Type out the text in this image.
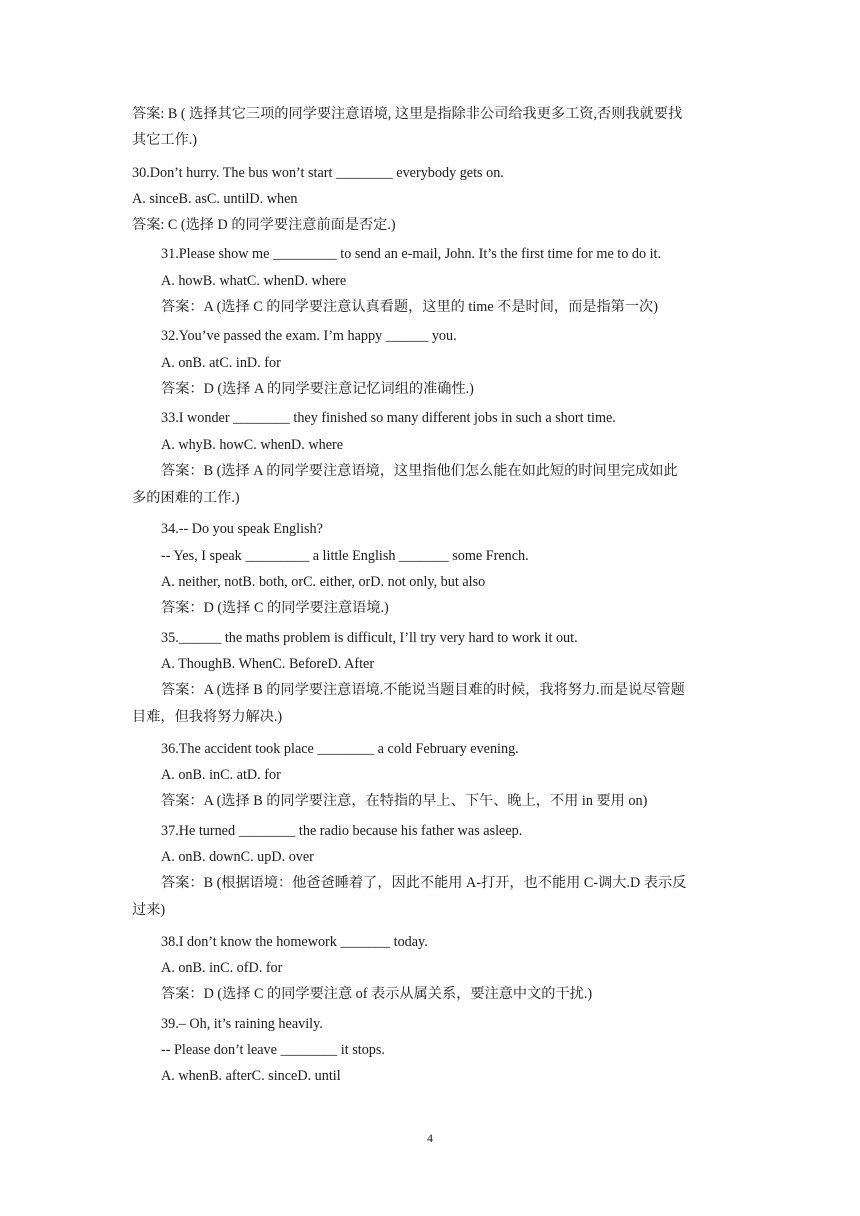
答案: B ( 选择其它三项的同学要注意语境, 这里是指除非公司给我更多工资,否则我就要找
其它工作.)
30.Don’t hurry. The bus won’t start ________ everybody gets on.
A. sinceB. asC. untilD. when
答案: C (选择 D 的同学要注意前面是否定.)
31.Please show me _________ to send an e-mail, John. It’s the first time for me to do it.
A. howB. whatC. whenD. where
答案：A (选择 C 的同学要注意认真看题，这里的 time 不是时间，而是指第一次)
32.You’ve passed the exam. I’m happy ______ you.
A. onB. atC. inD. for
答案：D (选择 A 的同学要注意记忆词组的准确性.)
33.I wonder ________ they finished so many different jobs in such a short time.
A. whyB. howC. whenD. where
答案：B (选择 A 的同学要注意语境，这里指他们怎么能在如此短的时间里完成如此
多的困难的工作.)
34.-- Do you speak English?
-- Yes, I speak _________ a little English _______ some French.
A. neither, notB. both, orC. either, orD. not only, but also
答案：D (选择 C 的同学要注意语境.)
35.______ the maths problem is difficult, I’ll try very hard to work it out.
A. ThoughB. WhenC. BeforeD. After
答案：A (选择 B 的同学要注意语境.不能说当题目难的时候，我将努力.而是说尽管题
目难，但我将努力解决.)
36.The accident took place ________ a cold February evening.
A. onB. inC. atD. for
答案：A (选择 B 的同学要注意，在特指的早上、下午、晚上，不用 in 要用 on)
37.He turned ________ the radio because his father was asleep.
A. onB. downC. upD. over
答案：B (根据语境：他爸爸睡着了，因此不能用 A-打开，也不能用 C-调大.D 表示反
过来)
38.I don’t know the homework _______ today.
A. onB. inC. ofD. for
答案：D (选择 C 的同学要注意 of 表示从属关系，要注意中文的干扰.)
39.– Oh, it’s raining heavily.
-- Please don’t leave ________ it stops.
A. whenB. afterC. sinceD. until
4
